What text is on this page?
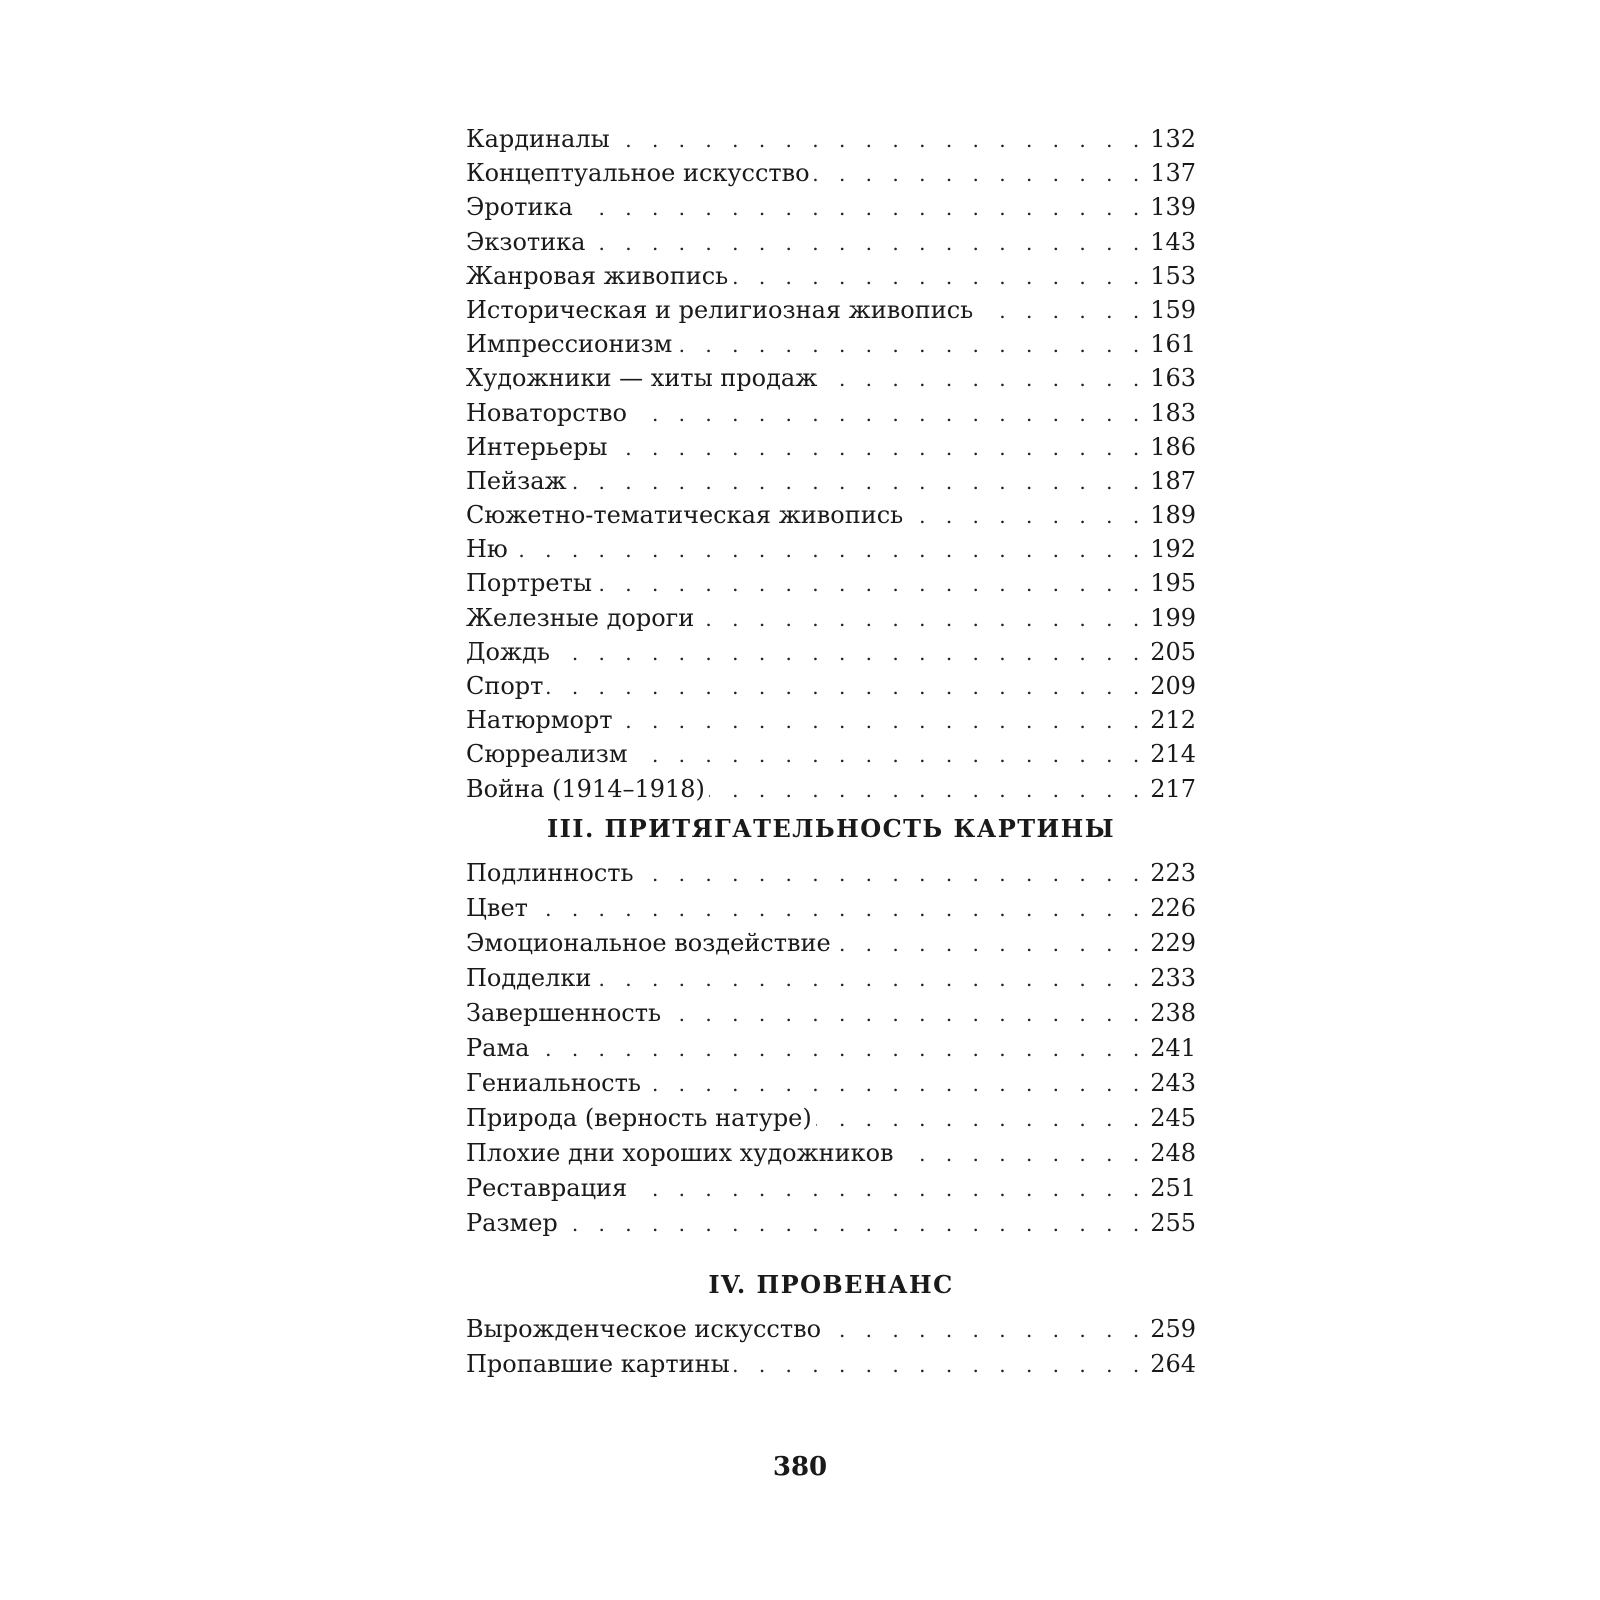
Кардиналы . . .	132
Концептуальное искусство . . .	137
Эротика . . .	139
Экзотика . . .	143
Жанровая живопись . . .	153
Историческая и религиозная живопись . . .	159
Импрессионизм . . .	161
Художники — хиты продаж . . .	163
Новаторство . . .	183
Интерьеры . . .	186
Пейзаж . . .	187
Сюжетно-тематическая живопись . . .	189
Ню . . .	192
Портреты . . .	195
Железные дороги . . .	199
Дождь . . .	205
Спорт . . .	209
Натюрморт . . .	212
Сюрреализм . . .	214
Война (1914–1918) . . .	217
III. ПРИТЯГАТЕЛЬНОСТЬ КАРТИНЫ
Подлинность . . .	223
Цвет . . .	226
Эмоциональное воздействие . . .	229
Подделки . . .	233
Завершенность . . .	238
Рама . . .	241
Гениальность . . .	243
Природа (верность натуре) . . .	245
Плохие дни хороших художников . . .	248
Реставрация . . .	251
Размер . . .	255
IV. ПРОВЕНАНС
Вырожденческое искусство . . .	259
Пропавшие картины . . .	264
380
